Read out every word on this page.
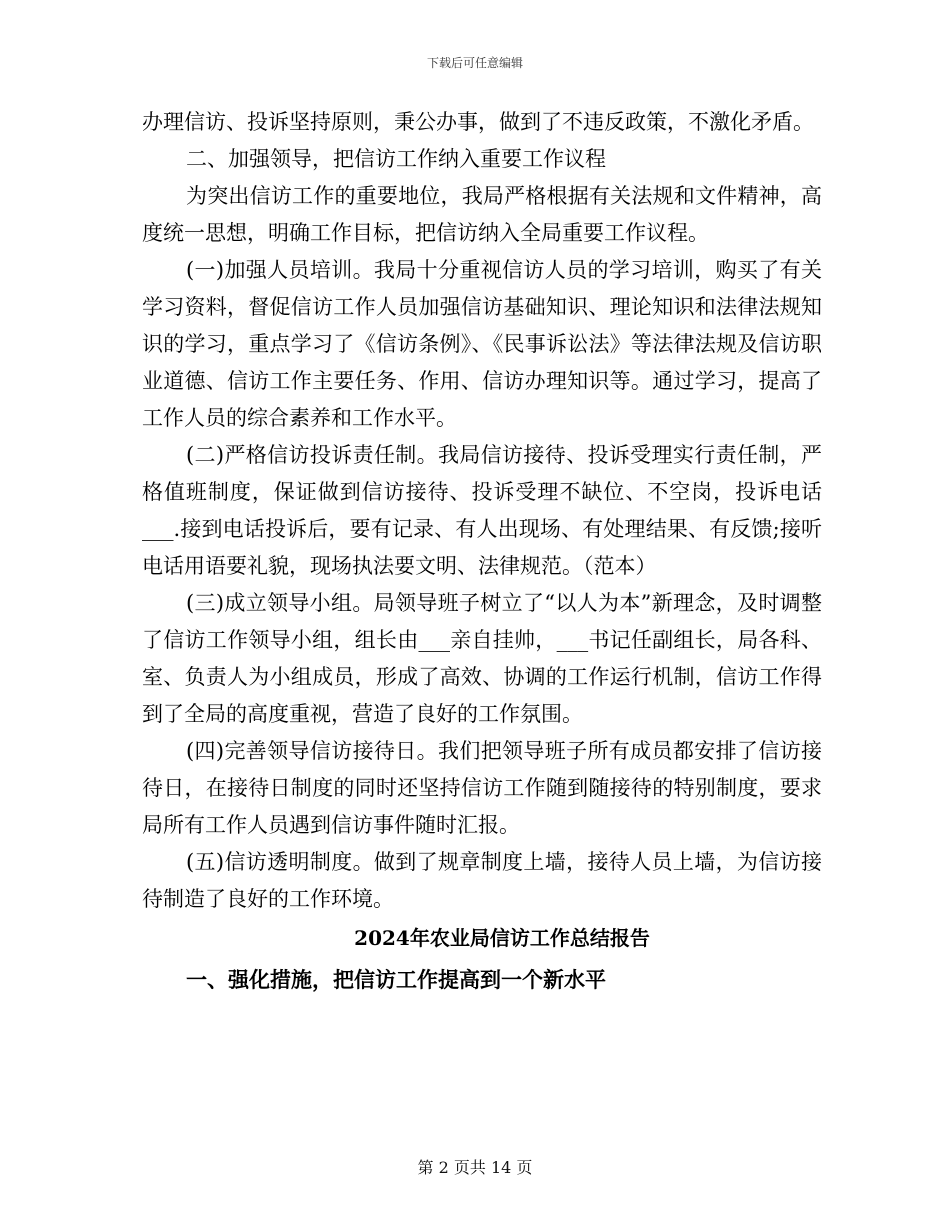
下载后可任意编辑

办理信访、投诉坚持原则，秉公办事，做到了不违反政策，不激化矛盾。

二、加强领导，把信访工作纳入重要工作议程

为突出信访工作的重要地位，我局严格根据有关法规和文件精神，高度统一思想，明确工作目标，把信访纳入全局重要工作议程。

(一)加强人员培训。我局十分重视信访人员的学习培训，购买了有关学习资料，督促信访工作人员加强信访基础知识、理论知识和法律法规知识的学习，重点学习了《信访条例》、《民事诉讼法》等法律法规及信访职业道德、信访工作主要任务、作用、信访办理知识等。通过学习，提高了工作人员的综合素养和工作水平。

(二)严格信访投诉责任制。我局信访接待、投诉受理实行责任制，严格值班制度，保证做到信访接待、投诉受理不缺位、不空岗，投诉电话___.接到电话投诉后，要有记录、有人出现场、有处理结果、有反馈;接听电话用语要礼貌，现场执法要文明、法律规范。（范本）

(三)成立领导小组。局领导班子树立了“以人为本”新理念，及时调整了信访工作领导小组，组长由___亲自挂帅，___书记任副组长，局各科、室、负责人为小组成员，形成了高效、协调的工作运行机制，信访工作得到了全局的高度重视，营造了良好的工作氛围。

(四)完善领导信访接待日。我们把领导班子所有成员都安排了信访接待日，在接待日制度的同时还坚持信访工作随到随接待的特别制度，要求局所有工作人员遇到信访事件随时汇报。

(五)信访透明制度。做到了规章制度上墙，接待人员上墙，为信访接待制造了良好的工作环境。

2024年农业局信访工作总结报告

一、强化措施，把信访工作提高到一个新水平

第 2 页共 14 页
